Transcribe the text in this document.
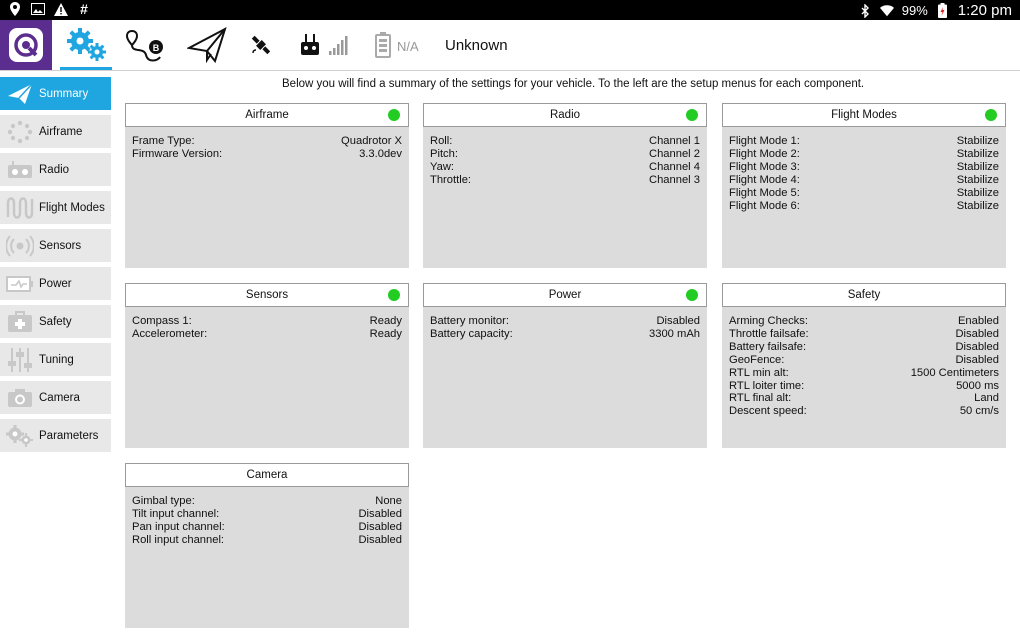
#	99% 1:20 pm
B	N/A Unknown
Summary
Airframe
Radio
Flight Modes
Sensors
Power
Safety
Tuning
Camera
Parameters
Below you will find a summary of the settings for your vehicle. To the left are the setup menus for each component.
Airframe
Frame Type:	Quadrotor X
Firmware Version:	3.3.0dev
Radio
Roll:	Channel 1
Pitch:	Channel 2
Yaw:	Channel 4
Throttle:	Channel 3
Flight Modes
Flight Mode 1:	Stabilize
Flight Mode 2:	Stabilize
Flight Mode 3:	Stabilize
Flight Mode 4:	Stabilize
Flight Mode 5:	Stabilize
Flight Mode 6:	Stabilize
Sensors
Compass 1:	Ready
Accelerometer:	Ready
Power
Battery monitor:	Disabled
Battery capacity:	3300 mAh
Safety
Arming Checks:	Enabled
Throttle failsafe:	Disabled
Battery failsafe:	Disabled
GeoFence:	Disabled
RTL min alt:	1500 Centimeters
RTL loiter time:	5000 ms
RTL final alt:	Land
Descent speed:	50 cm/s
Camera
Gimbal type:	None
Tilt input channel:	Disabled
Pan input channel:	Disabled
Roll input channel:	Disabled
